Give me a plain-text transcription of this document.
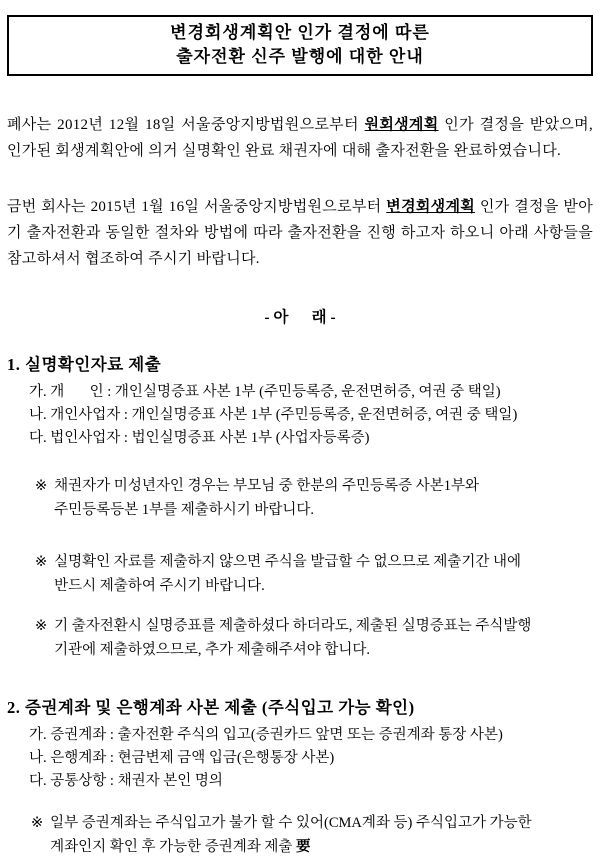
변경회생계획안 인가 결정에 따른
출자전환 신주 발행에 대한 안내

폐사는 2012년 12월 18일 서울중앙지방법원으로부터 원회생계획 인가 결정을 받았으며, 인가된 회생계획안에 의거 실명확인 완료 채권자에 대해 출자전환을 완료하였습니다.

금번 회사는 2015년 1월 16일 서울중앙지방법원으로부터 변경회생계획 인가 결정을 받아 기 출자전환과 동일한 절차와 방법에 따라 출자전환을 진행 하고자 하오니 아래 사항들을 참고하셔서 협조하여 주시기 바랍니다.

- 아      래 -
1. 실명확인자료 제출
가. 개       인 : 개인실명증표 사본 1부 (주민등록증, 운전면허증, 여권 중 택일)
나. 개인사업자 : 개인실명증표 사본 1부 (주민등록증, 운전면허증, 여권 중 택일)
다. 법인사업자 : 법인실명증표 사본 1부 (사업자등록증)
※ 채권자가 미성년자인 경우는 부모님 중 한분의 주민등록증 사본1부와
주민등록등본 1부를 제출하시기 바랍니다.
※ 실명확인 자료를 제출하지 않으면 주식을 발급할 수 없으므로 제출기간 내에
반드시 제출하여 주시기 바랍니다.
※ 기 출자전환시 실명증표를 제출하셨다 하더라도, 제출된 실명증표는 주식발행
기관에 제출하였으므로, 추가 제출해주셔야 합니다.
2. 증권계좌 및 은행계좌 사본 제출 (주식입고 가능 확인)
가. 증권계좌 : 출자전환 주식의 입고(증권카드 앞면 또는 증권계좌 통장 사본)
나. 은행계좌 : 현금변제 금액 입금(은행통장 사본)
다. 공통상항 : 채권자 본인 명의
※ 일부 증권계좌는 주식입고가 불가 할 수 있어(CMA계좌 등) 주식입고가 가능한
계좌인지 확인 후 가능한 증권계좌 제출 要
